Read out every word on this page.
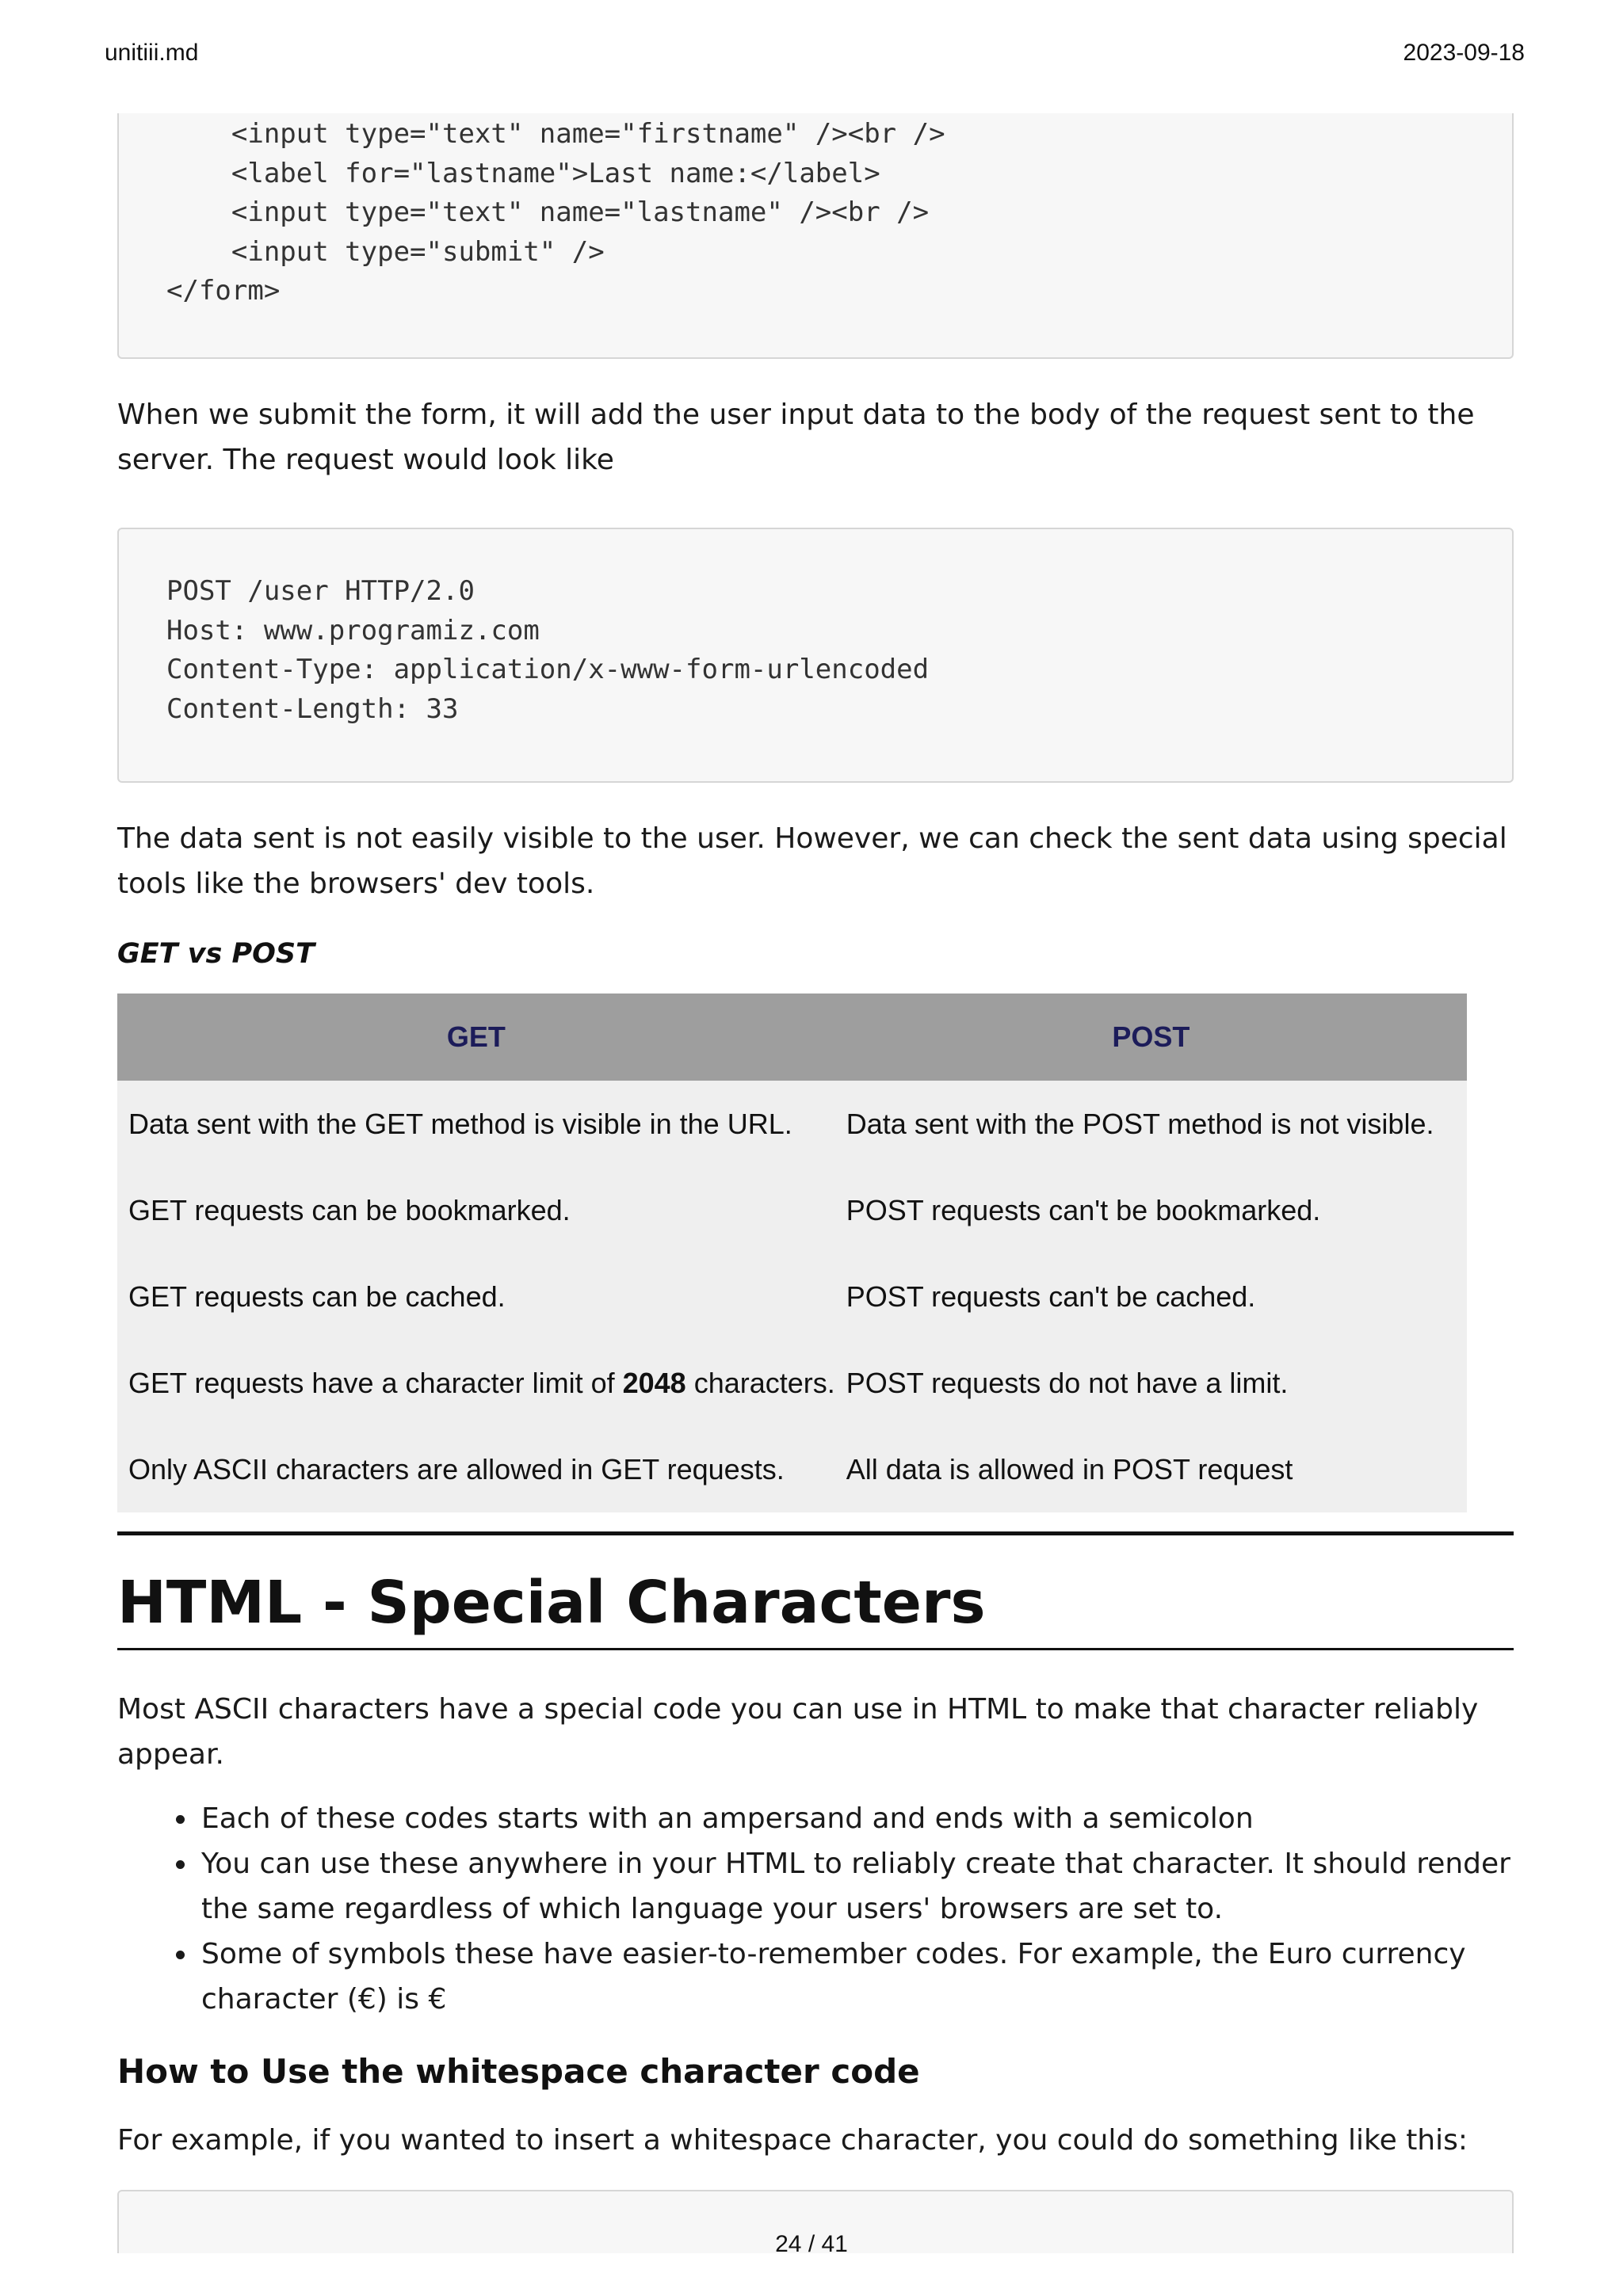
unitiii.md	2023-09-18
<input type="text" name="firstname" /><br />
<label for="lastname">Last name:</label>
<input type="text" name="lastname" /><br />
<input type="submit" />
</form>
When we submit the form, it will add the user input data to the body of the request sent to the server. The request would look like
POST /user HTTP/2.0
Host: www.programiz.com
Content-Type: application/x-www-form-urlencoded
Content-Length: 33
The data sent is not easily visible to the user. However, we can check the sent data using special tools like the browsers' dev tools.
GET vs POST
GET	POST
Data sent with the GET method is visible in the URL.	Data sent with the POST method is not visible.
GET requests can be bookmarked.	POST requests can't be bookmarked.
GET requests can be cached.	POST requests can't be cached.
GET requests have a character limit of 2048 characters.	POST requests do not have a limit.
Only ASCII characters are allowed in GET requests.	All data is allowed in POST request
HTML - Special Characters
Most ASCII characters have a special code you can use in HTML to make that character reliably appear.
• Each of these codes starts with an ampersand and ends with a semicolon
• You can use these anywhere in your HTML to reliably create that character. It should render the same regardless of which language your users' browsers are set to.
• Some of symbols these have easier-to-remember codes. For example, the Euro currency character (€) is €
How to Use the whitespace character code
For example, if you wanted to insert a whitespace character, you could do something like this:
24 / 41
